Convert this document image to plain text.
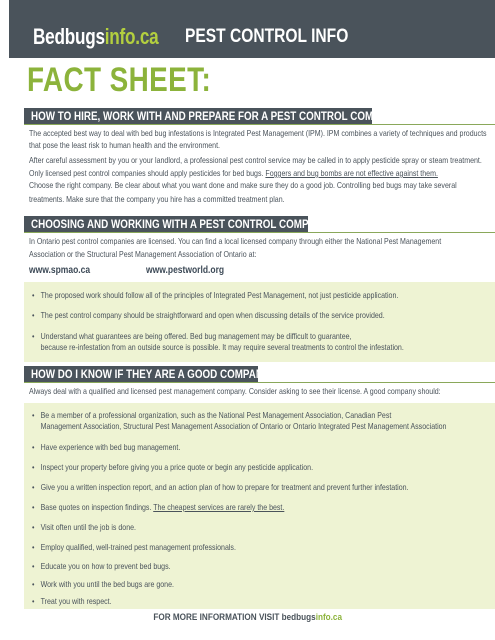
Bedbugsinfo.ca PEST CONTROL INFO
FACT SHEET:
HOW TO HIRE, WORK WITH AND PREPARE FOR A PEST CONTROL COMPANY
The accepted best way to deal with bed bug infestations is Integrated Pest Management (IPM). IPM combines a variety of techniques and products
that pose the least risk to human health and the environment.
After careful assessment by you or your landlord, a professional pest control service may be called in to apply pesticide spray or steam treatment.
Only licensed pest control companies should apply pesticides for bed bugs. Foggers and bug bombs are not effective against them.
Choose the right company. Be clear about what you want done and make sure they do a good job. Controlling bed bugs may take several
treatments. Make sure that the company you hire has a committed treatment plan.
CHOOSING AND WORKING WITH A PEST CONTROL COMPANY
In Ontario pest control companies are licensed. You can find a local licensed company through either the National Pest Management
Association or the Structural Pest Management Association of Ontario at:
www.spmao.ca	www.pestworld.org
• The proposed work should follow all of the principles of Integrated Pest Management, not just pesticide application.
• The pest control company should be straightforward and open when discussing details of the service provided.
• Understand what guarantees are being offered. Bed bug management may be difficult to guarantee,
because re-infestation from an outside source is possible. It may require several treatments to control the infestation.
HOW DO I KNOW IF THEY ARE A GOOD COMPANY?
Always deal with a qualified and licensed pest management company. Consider asking to see their license. A good company should:
• Be a member of a professional organization, such as the National Pest Management Association, Canadian Pest
Management Association, Structural Pest Management Association of Ontario or Ontario Integrated Pest Management Association
• Have experience with bed bug management.
• Inspect your property before giving you a price quote or begin any pesticide application.
• Give you a written inspection report, and an action plan of how to prepare for treatment and prevent further infestation.
• Base quotes on inspection findings. The cheapest services are rarely the best.
• Visit often until the job is done.
• Employ qualified, well-trained pest management professionals.
• Educate you on how to prevent bed bugs.
• Work with you until the bed bugs are gone.
• Treat you with respect.
FOR MORE INFORMATION VISIT bedbugsinfo.ca
